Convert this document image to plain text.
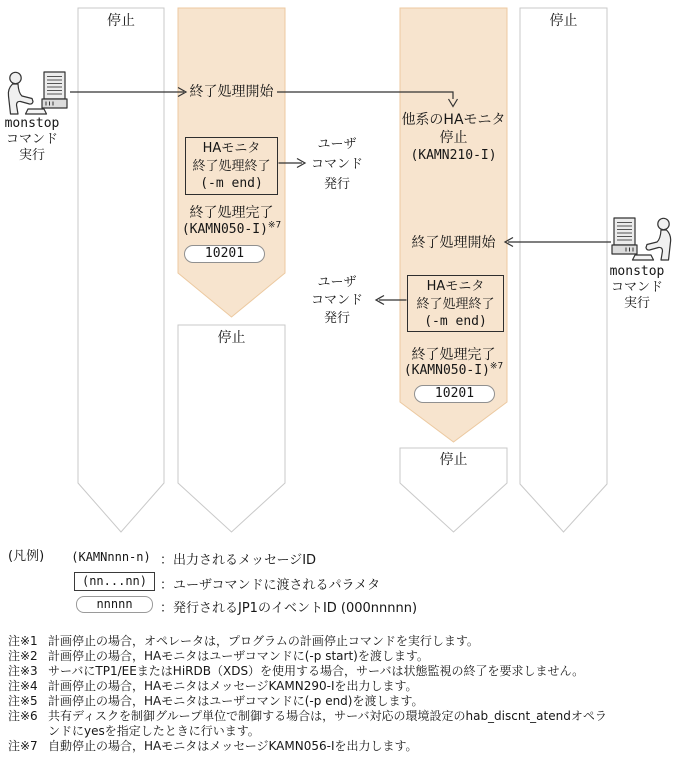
停止	停止
monstop
コマンド
実行
monstop
コマンド
実行
終了処理開始
HAモニタ
終了処理終了
(-m end)
ユーザ
コマンド
発行
終了処理完了
(KAMN050-I)$^{※7}$
10201
停止
他系のHAモニタ
停止
(KAMN210-I)
終了処理開始
HAモニタ
終了処理終了
(-m end)
ユーザ
コマンド
発行
終了処理完了
(KAMN050-I)$^{※7}$
10201
停止
(凡例) (KAMNnnn-n) ：出力されるメッセージID
(nn...nn) ：ユーザコマンドに渡されるパラメタ
nnnnn	：発行されるJP1のイベントID (000nnnnn)
注※1 計画停止の場合，オペレータは，プログラムの計画停止コマンドを実行します。
注※2 計画停止の場合，HAモニタはユーザコマンドに(-p start)を渡します。
注※3 サーバにTP1/EEまたはHiRDB（XDS）を使用する場合，サーバは状態監視の終了を要求しません。
注※4 計画停止の場合，HAモニタはメッセージKAMN290-Iを出力します。
注※5 計画停止の場合，HAモニタはユーザコマンドに(-p end)を渡します。
注※6 共有ディスクを制御グループ単位で制御する場合は，サーバ対応の環境設定のhab_discnt_atendオペランドにyesを指定したときに行います。
注※7 自動停止の場合，HAモニタはメッセージKAMN056-Iを出力します。
